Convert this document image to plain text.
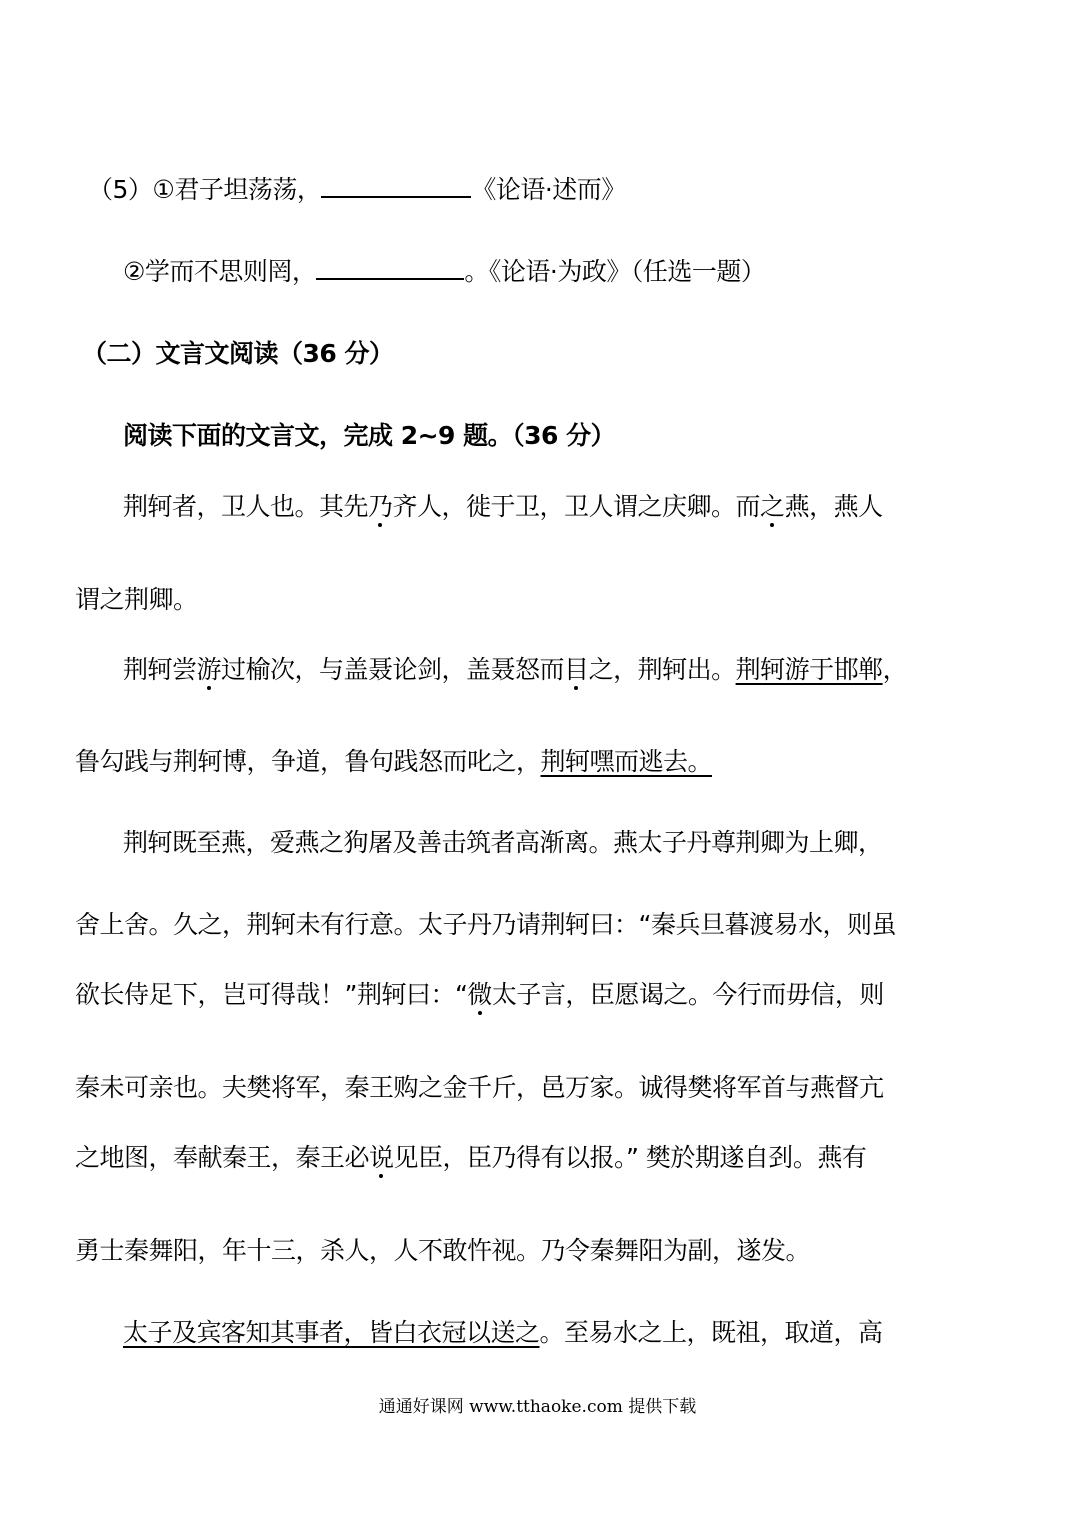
（5）①君子坦荡荡，	《论语·述而》
②学而不思则罔，	。《论语·为政》（任选一题）
（二）文言文阅读（36 分）
阅读下面的文言文，完成 2~9 题。（36 分）
荆轲者，卫人也。其先乃齐人，徙于卫，卫人谓之庆卿。而之燕，燕人
谓之荆卿。
荆轲尝游过榆次，与盖聂论剑，盖聂怒而目之，荆轲出。荆轲游于邯郸，
鲁勾践与荆轲博，争道，鲁句践怒而叱之，荆轲嘿而逃去。
荆轲既至燕，爱燕之狗屠及善击筑者高渐离。燕太子丹尊荆卿为上卿，
舍上舍。久之，荆轲未有行意。太子丹乃请荆轲曰：“秦兵旦暮渡易水，则虽
欲长侍足下，岂可得哉！”荆轲曰：“微太子言，臣愿谒之。今行而毋信，则
秦未可亲也。夫樊将军，秦王购之金千斤，邑万家。诚得樊将军首与燕督亢
之地图，奉献秦王，秦王必说见臣，臣乃得有以报。” 樊於期遂自刭。燕有
勇士秦舞阳，年十三，杀人，人不敢忤视。乃令秦舞阳为副，遂发。
太子及宾客知其事者，皆白衣冠以送之。至易水之上，既祖，取道，高
通通好课网 www.tthaoke.com 提供下载
